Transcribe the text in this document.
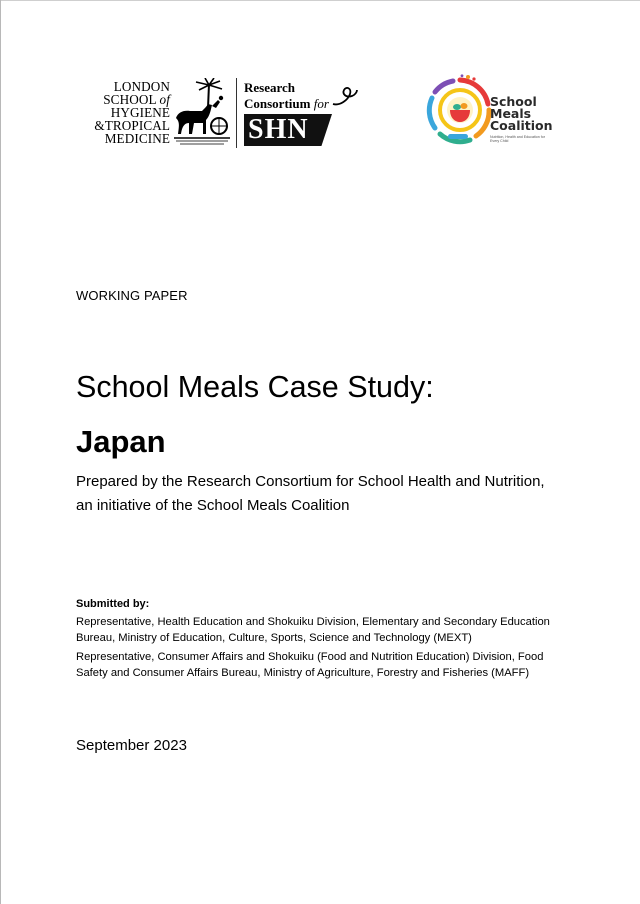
LONDON
SCHOOL of
HYGIENE
&TROPICAL
MEDICINE
Research
Consortium for
SHN
School
Meals
Coalition
Nutrition, Health and Education for Every Child
WORKING PAPER
School Meals Case Study:
Japan
Prepared by the Research Consortium for School Health and Nutrition, an initiative of the School Meals Coalition
Submitted by:
Representative, Health Education and Shokuiku Division, Elementary and Secondary Education Bureau, Ministry of Education, Culture, Sports, Science and Technology (MEXT)
Representative, Consumer Affairs and Shokuiku (Food and Nutrition Education) Division, Food Safety and Consumer Affairs Bureau, Ministry of Agriculture, Forestry and Fisheries (MAFF)
September 2023
